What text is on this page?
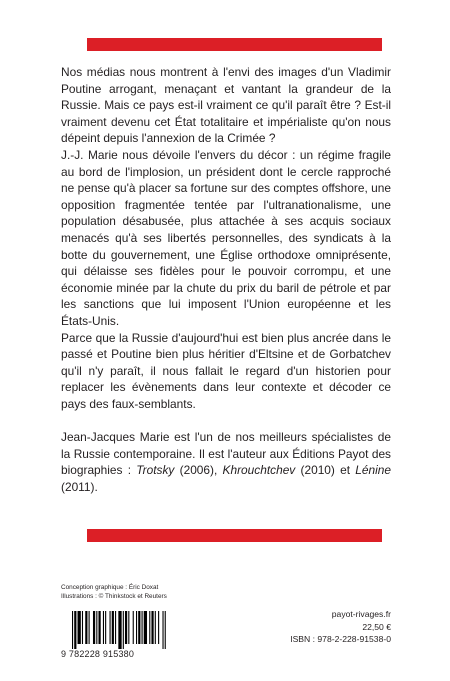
Nos médias nous montrent à l'envi des images d'un Vladimir Poutine arrogant, menaçant et vantant la grandeur de la Russie. Mais ce pays est-il vraiment ce qu'il paraît être ? Est-il vraiment devenu cet État totalitaire et impérialiste qu'on nous dépeint depuis l'annexion de la Crimée ?

J.-J. Marie nous dévoile l'envers du décor : un régime fragile au bord de l'implosion, un président dont le cercle rapproché ne pense qu'à placer sa fortune sur des comptes offshore, une opposition fragmentée tentée par l'ultranationalisme, une population désabusée, plus attachée à ses acquis sociaux menacés qu'à ses libertés personnelles, des syndicats à la botte du gouvernement, une Église orthodoxe omniprésente, qui délaisse ses fidèles pour le pouvoir corrompu, et une économie minée par la chute du prix du baril de pétrole et par les sanctions que lui imposent l'Union européenne et les États-Unis.

Parce que la Russie d'aujourd'hui est bien plus ancrée dans le passé et Poutine bien plus héritier d'Eltsine et de Gorbatchev qu'il n'y paraît, il nous fallait le regard d'un historien pour replacer les évènements dans leur contexte et décoder ce pays des faux-semblants.

Jean-Jacques Marie est l'un de nos meilleurs spécialistes de la Russie contemporaine. Il est l'auteur aux Éditions Payot des biographies : Trotsky (2006), Khrouchtchev (2010) et Lénine (2011).

Conception graphique : Éric Doxat
Illustrations : © Thinkstock et Reuters
9 782228 915380
payot-rivages.fr
22,50 €
ISBN : 978-2-228-91538-0
